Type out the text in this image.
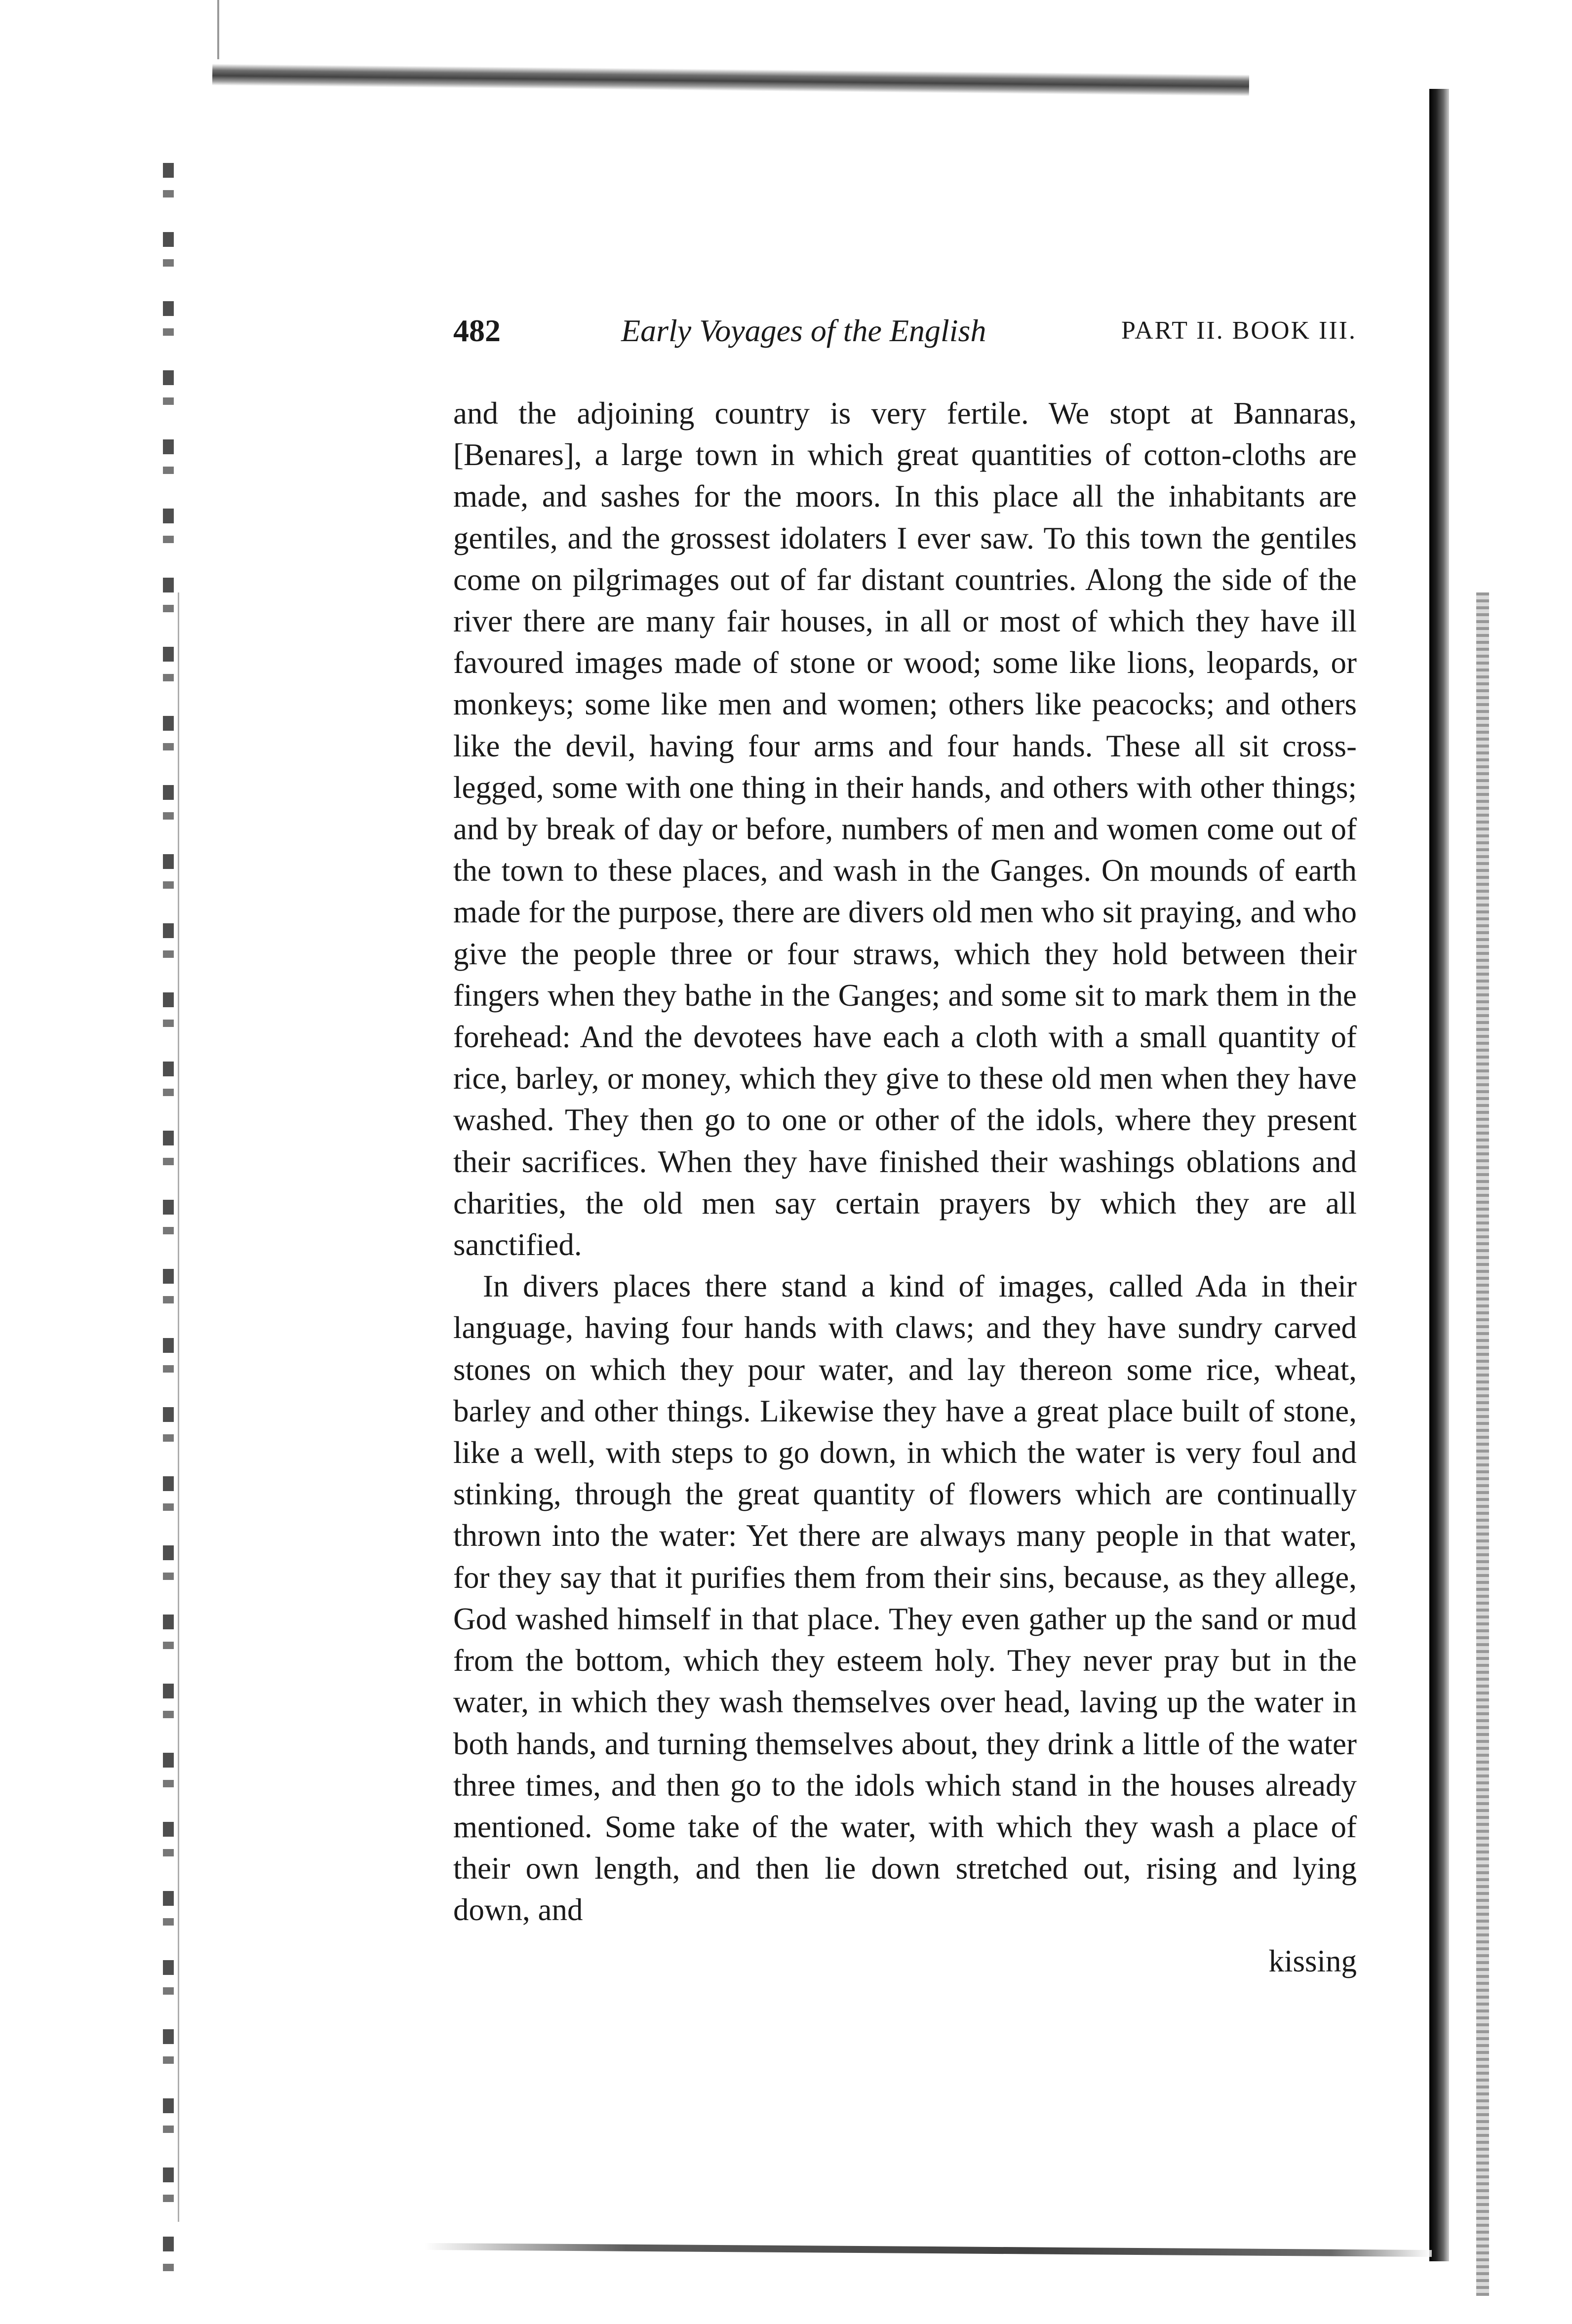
482	Early Voyages of the English	PART II. BOOK III.

and the adjoining country is very fertile. We stopt at Bannaras, [Benares], a large town in which great quantities of cotton-cloths are made, and sashes for the moors. In this place all the inhabitants are gentiles, and the grossest idolaters I ever saw. To this town the gentiles come on pilgrimages out of far distant countries. Along the side of the river there are many fair houses, in all or most of which they have ill favoured images made of stone or wood; some like lions, leopards, or monkeys; some like men and women; others like peacocks; and others like the devil, having four arms and four hands. These all sit cross-legged, some with one thing in their hands, and others with other things; and by break of day or before, numbers of men and women come out of the town to these places, and wash in the Ganges. On mounds of earth made for the purpose, there are divers old men who sit praying, and who give the people three or four straws, which they hold between their fingers when they bathe in the Ganges; and some sit to mark them in the forehead: And the devotees have each a cloth with a small quantity of rice, barley, or money, which they give to these old men when they have washed. They then go to one or other of the idols, where they present their sacrifices. When they have finished their washings oblations and charities, the old men say certain prayers by which they are all sanctified.

In divers places there stand a kind of images, called Ada in their language, having four hands with claws; and they have sundry carved stones on which they pour water, and lay thereon some rice, wheat, barley and other things. Likewise they have a great place built of stone, like a well, with steps to go down, in which the water is very foul and stinking, through the great quantity of flowers which are continually thrown into the water: Yet there are always many people in that water, for they say that it purifies them from their sins, because, as they allege, God washed himself in that place. They even gather up the sand or mud from the bottom, which they esteem holy. They never pray but in the water, in which they wash themselves over head, laving up the water in both hands, and turning themselves about, they drink a little of the water three times, and then go to the idols which stand in the houses already mentioned. Some take of the water, with which they wash a place of their own length, and then lie down stretched out, rising and lying down, and

kissing
